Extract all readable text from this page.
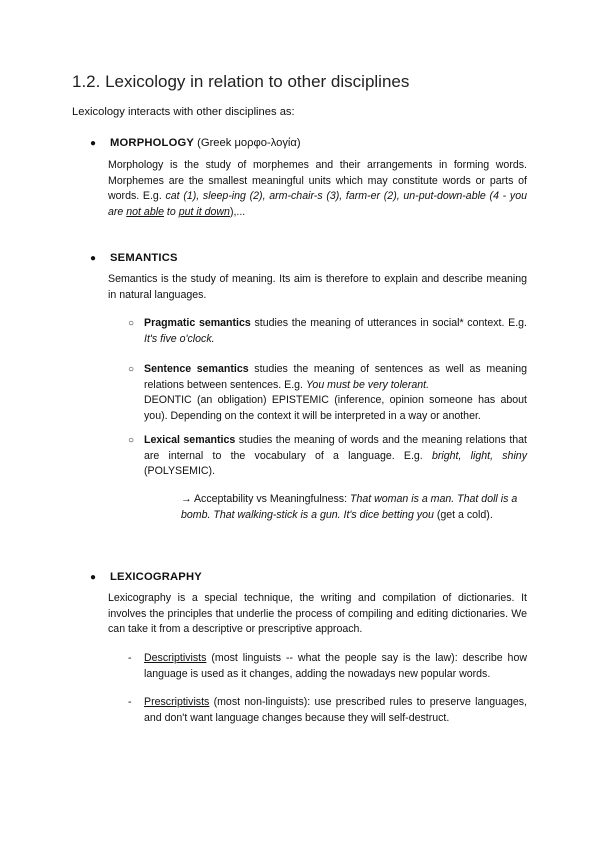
1.2. Lexicology in relation to other disciplines

Lexicology interacts with other disciplines as:

● MORPHOLOGY (Greek μορφο-λογία)

Morphology is the study of morphemes and their arrangements in forming words. Morphemes are the smallest meaningful units which may constitute words or parts of words. E.g. cat (1), sleep-ing (2), arm-chair-s (3), farm-er (2), un-put-down-able (4 - you are not able to put it down),...

● SEMANTICS

Semantics is the study of meaning. Its aim is therefore to explain and describe meaning in natural languages.

○ Pragmatic semantics studies the meaning of utterances in social* context. E.g. It's five o'clock.
○ Sentence semantics studies the meaning of sentences as well as meaning relations between sentences. E.g. You must be very tolerant.
DEONTIC (an obligation) EPISTEMIC (inference, opinion someone has about you). Depending on the context it will be interpreted in a way or another.
○ Lexical semantics studies the meaning of words and the meaning relations that are internal to the vocabulary of a language. E.g. bright, light, shiny (POLYSEMIC).
→ Acceptability vs Meaningfulness: That woman is a man. That doll is a bomb. That walking-stick is a gun. It's dice betting you (get a cold).

● LEXICOGRAPHY

Lexicography is a special technique, the writing and compilation of dictionaries. It involves the principles that underlie the process of compiling and editing dictionaries. We can take it from a descriptive or prescriptive approach.

- Descriptivists (most linguists -- what the people say is the law): describe how language is used as it changes, adding the nowadays new popular words.
- Prescriptivists (most non-linguists): use prescribed rules to preserve languages, and don't want language changes because they will self-destruct.
